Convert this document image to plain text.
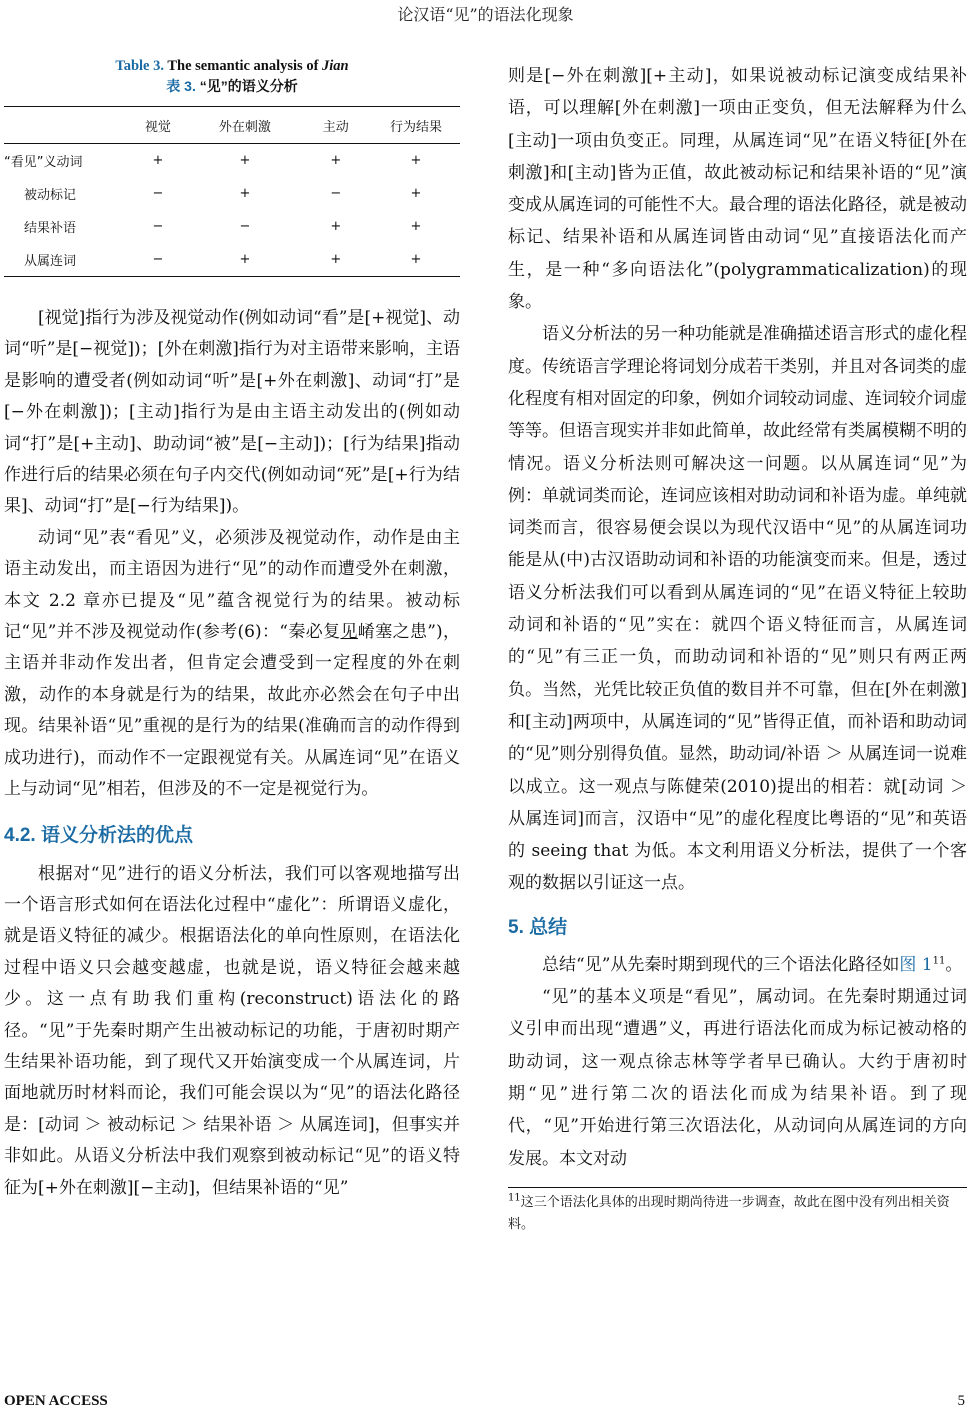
论汉语“见”的语法化现象
Table 3. The semantic analysis of Jian
表 3. “见”的语义分析
	视觉	外在刺激	主动	行为结果
“看见”义动词	+	+	+	+
被动标记	−	+	−	+
结果补语	−	−	+	+
从属连词	−	+	+	+

[视觉]指行为涉及视觉动作(例如动词“看”是[+视觉]、动词“听”是[−视觉])；[外在刺激]指行为对主语带来影响，主语是影响的遭受者(例如动词“听”是[+外在刺激]、动词“打”是[−外在刺激])；[主动]指行为是由主语主动发出的(例如动词“打”是[+主动]、助动词“被”是[−主动])；[行为结果]指动作进行后的结果必须在句子内交代(例如动词“死”是[+行为结果]、动词“打”是[−行为结果])。

动词“见”表“看见”义，必须涉及视觉动作，动作是由主语主动发出，而主语因为进行“见”的动作而遭受外在刺激，本文 2.2 章亦已提及“见”蕴含视觉行为的结果。被动标记“见”并不涉及视觉动作(参考(6)：“秦必复见崤塞之患”)，主语并非动作发出者，但肯定会遭受到一定程度的外在刺激，动作的本身就是行为的结果，故此亦必然会在句子中出现。结果补语“见”重视的是行为的结果(准确而言的动作得到成功进行)，而动作不一定跟视觉有关。从属连词“见”在语义上与动词“见”相若，但涉及的不一定是视觉行为。

4.2. 语义分析法的优点

根据对“见”进行的语义分析法，我们可以客观地描写出一个语言形式如何在语法化过程中“虚化”：所谓语义虚化，就是语义特征的减少。根据语法化的单向性原则，在语法化过程中语义只会越变越虚，也就是说，语义特征会越来越少。这一点有助我们重构(reconstruct)语法化的路径。“见”于先秦时期产生出被动标记的功能，于唐初时期产生结果补语功能，到了现代又开始演变成一个从属连词，片面地就历时材料而论，我们可能会误以为“见”的语法化路径是：[动词 ＞ 被动标记 ＞ 结果补语 ＞ 从属连词]，但事实并非如此。从语义分析法中我们观察到被动标记“见”的语义特征为[+外在刺激][−主动]，但结果补语的“见”

则是[−外在刺激][+主动]，如果说被动标记演变成结果补语，可以理解[外在刺激]一项由正变负，但无法解释为什么[主动]一项由负变正。同理，从属连词“见”在语义特征[外在刺激]和[主动]皆为正值，故此被动标记和结果补语的“见”演变成从属连词的可能性不大。最合理的语法化路径，就是被动标记、结果补语和从属连词皆由动词“见”直接语法化而产生，是一种“多向语法化”(polygrammaticalization)的现象。

语义分析法的另一种功能就是准确描述语言形式的虚化程度。传统语言学理论将词划分成若干类别，并且对各词类的虚化程度有相对固定的印象，例如介词较动词虚、连词较介词虚等等。但语言现实并非如此简单，故此经常有类属模糊不明的情况。语义分析法则可解决这一问题。以从属连词“见”为例：单就词类而论，连词应该相对助动词和补语为虚。单纯就词类而言，很容易便会误以为现代汉语中“见”的从属连词功能是从(中)古汉语助动词和补语的功能演变而来。但是，透过语义分析法我们可以看到从属连词的“见”在语义特征上较助动词和补语的“见”实在：就四个语义特征而言，从属连词的“见”有三正一负，而助动词和补语的“见”则只有两正两负。当然，光凭比较正负值的数目并不可靠，但在[外在刺激]和[主动]两项中，从属连词的“见”皆得正值，而补语和助动词的“见”则分别得负值。显然，助动词/补语 ＞ 从属连词一说难以成立。这一观点与陈健荣(2010)提出的相若：就[动词 ＞ 从属连词]而言，汉语中“见”的虚化程度比粤语的“见”和英语的 seeing that 为低。本文利用语义分析法，提供了一个客观的数据以引证这一点。

5. 总结

总结“见”从先秦时期到现代的三个语法化路径如图 $1^{11}$。

“见”的基本义项是“看见”，属动词。在先秦时期通过词义引申而出现“遭遇”义，再进行语法化而成为标记被动格的助动词，这一观点徐志林等学者早已确认。大约于唐初时期“见”进行第二次的语法化而成为结果补语。到了现代，“见”开始进行第三次语法化，从动词向从属连词的方向发展。本文对动

$^{11}$这三个语法化具体的出现时期尚待进一步调查，故此在图中没有列出相关资料。
OPEN ACCESS	5
